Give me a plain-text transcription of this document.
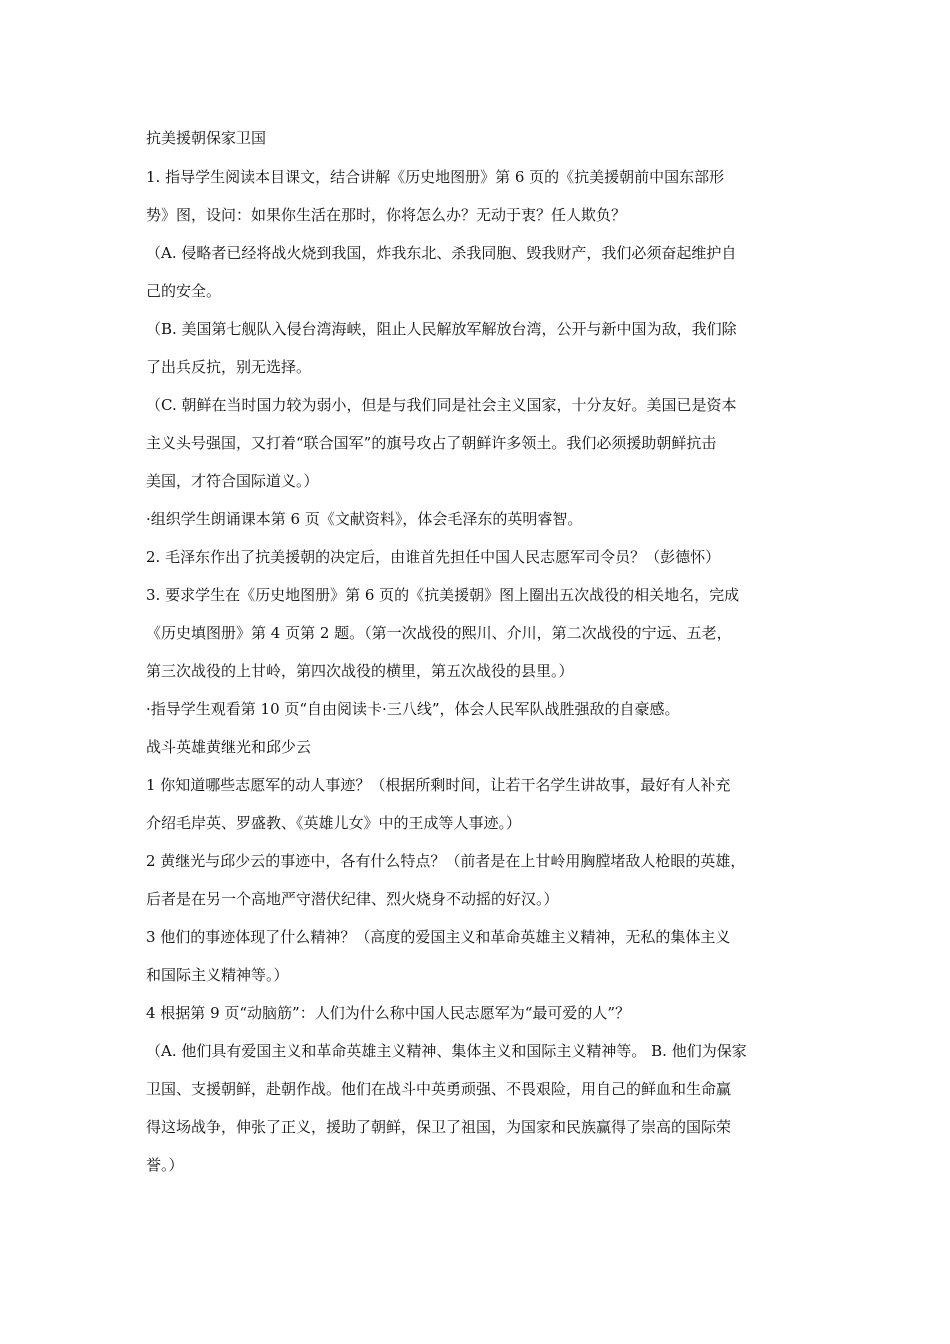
抗美援朝保家卫国

1. 指导学生阅读本目课文，结合讲解《历史地图册》第 6 页的《抗美援朝前中国东部形

势》图，设问：如果你生活在那时，你将怎么办？无动于衷？任人欺负？

（A. 侵略者已经将战火烧到我国，炸我东北、杀我同胞、毁我财产，我们必须奋起维护自

己的安全。

（B. 美国第七舰队入侵台湾海峡，阻止人民解放军解放台湾，公开与新中国为敌，我们除

了出兵反抗，别无选择。

（C. 朝鲜在当时国力较为弱小，但是与我们同是社会主义国家，十分友好。美国已是资本

主义头号强国，又打着“联合国军”的旗号攻占了朝鲜许多领土。我们必须援助朝鲜抗击

美国，才符合国际道义。）

·组织学生朗诵课本第 6 页《文献资料》，体会毛泽东的英明睿智。

2. 毛泽东作出了抗美援朝的决定后，由谁首先担任中国人民志愿军司令员？（彭德怀）

3. 要求学生在《历史地图册》第 6 页的《抗美援朝》图上圈出五次战役的相关地名，完成

《历史填图册》第 4 页第 2 题。（第一次战役的熙川、介川，第二次战役的宁远、五老，

第三次战役的上甘岭，第四次战役的横里，第五次战役的县里。）

·指导学生观看第 10 页“自由阅读卡·三八线”，体会人民军队战胜强敌的自豪感。

战斗英雄黄继光和邱少云

1 你知道哪些志愿军的动人事迹？（根据所剩时间，让若干名学生讲故事，最好有人补充

介绍毛岸英、罗盛教、《英雄儿女》中的王成等人事迹。）

2 黄继光与邱少云的事迹中，各有什么特点？（前者是在上甘岭用胸膛堵敌人枪眼的英雄，

后者是在另一个高地严守潜伏纪律、烈火烧身不动摇的好汉。）

3 他们的事迹体现了什么精神？（高度的爱国主义和革命英雄主义精神，无私的集体主义

和国际主义精神等。）

4 根据第 9 页“动脑筋”：人们为什么称中国人民志愿军为“最可爱的人”？

（A. 他们具有爱国主义和革命英雄主义精神、集体主义和国际主义精神等。 B. 他们为保家

卫国、支援朝鲜，赴朝作战。他们在战斗中英勇顽强、不畏艰险，用自己的鲜血和生命赢

得这场战争，伸张了正义，援助了朝鲜，保卫了祖国，为国家和民族赢得了崇高的国际荣

誉。）
